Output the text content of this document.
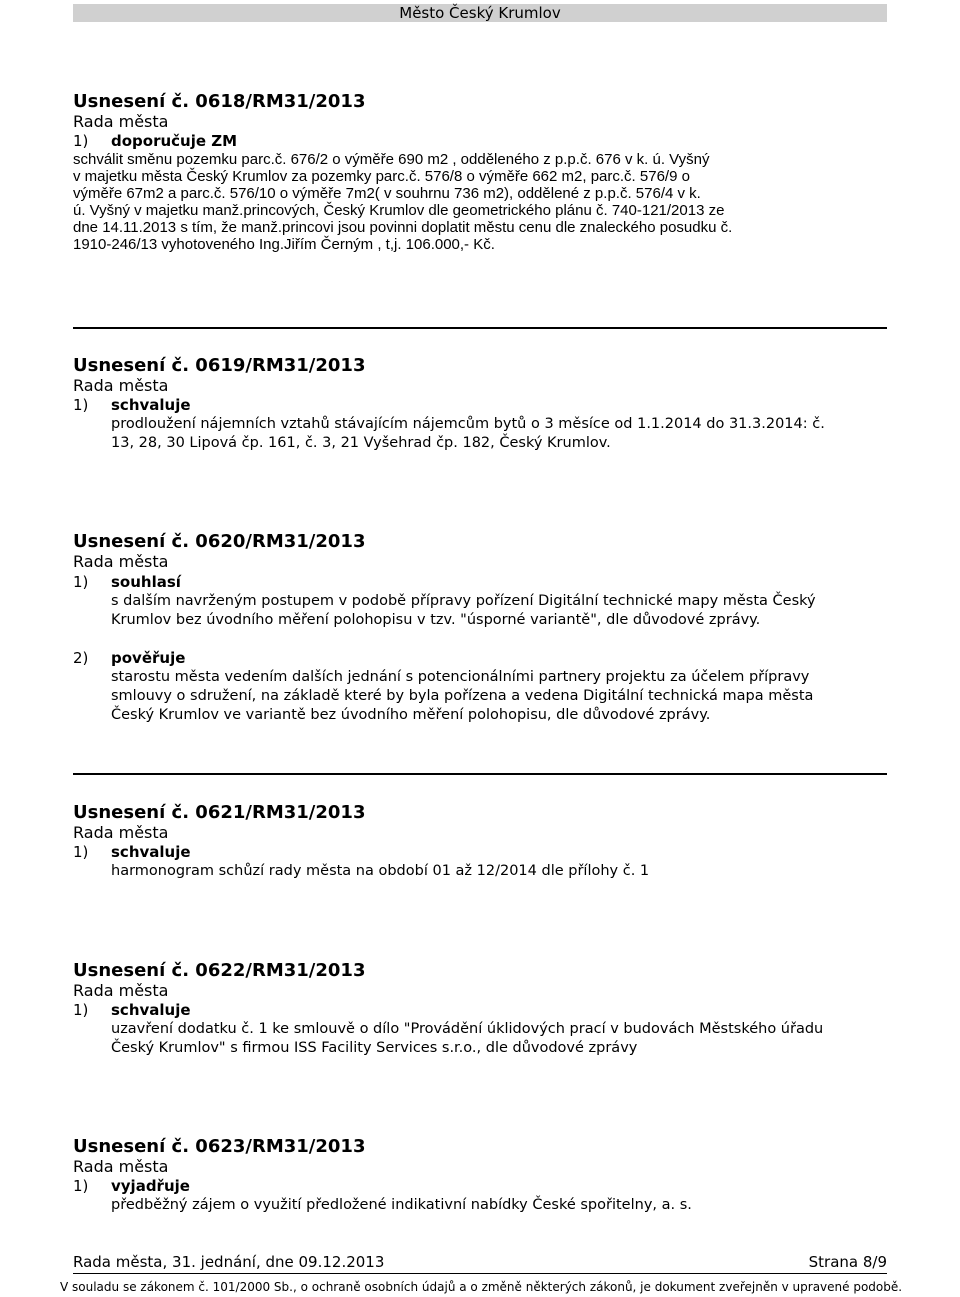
Město Český Krumlov
Usnesení č. 0618/RM31/2013
Rada města
1) doporučuje ZM
schválit směnu pozemku parc.č. 676/2 o výměře 690 m2 , odděleného z p.p.č. 676 v k. ú. Vyšný
v majetku města Český Krumlov za pozemky parc.č. 576/8 o výměře 662 m2, parc.č. 576/9 o
výměře 67m2 a parc.č. 576/10 o výměře 7m2( v souhrnu 736 m2), oddělené z p.p.č. 576/4 v k.
ú. Vyšný v majetku manž.princových, Český Krumlov dle geometrického plánu č. 740-121/2013 ze
dne 14.11.2013 s tím, že manž.princovi jsou povinni doplatit městu cenu dle znaleckého posudku č.
1910-246/13 vyhotoveného Ing.Jiřím Černým , t,j. 106.000,- Kč.
Usnesení č. 0619/RM31/2013
Rada města
1) schvaluje
prodloužení nájemních vztahů stávajícím nájemcům bytů o 3 měsíce od 1.1.2014 do 31.3.2014: č.
13, 28, 30 Lipová čp. 161, č. 3, 21 Vyšehrad čp. 182, Český Krumlov.
Usnesení č. 0620/RM31/2013
Rada města
1) souhlasí
s dalším navrženým postupem v podobě přípravy pořízení Digitální technické mapy města Český
Krumlov bez úvodního měření polohopisu v tzv. "úsporné variantě", dle důvodové zprávy.
2) pověřuje
starostu města vedením dalších jednání s potencionálními partnery projektu za účelem přípravy
smlouvy o sdružení, na základě které by byla pořízena a vedena Digitální technická mapa města
Český Krumlov ve variantě bez úvodního měření polohopisu, dle důvodové zprávy.
Usnesení č. 0621/RM31/2013
Rada města
1) schvaluje
harmonogram schůzí rady města na období 01 až 12/2014 dle přílohy č. 1
Usnesení č. 0622/RM31/2013
Rada města
1) schvaluje
uzavření dodatku č. 1 ke smlouvě o dílo "Provádění úklidových prací v budovách Městského úřadu
Český Krumlov" s firmou ISS Facility Services s.r.o., dle důvodové zprávy
Usnesení č. 0623/RM31/2013
Rada města
1) vyjadřuje
předběžný zájem o využití předložené indikativní nabídky České spořitelny, a. s.
Rada města, 31. jednání, dne 09.12.2013	Strana 8/9
V souladu se zákonem č. 101/2000 Sb., o ochraně osobních údajů a o změně některých zákonů, je dokument zveřejněn v upravené podobě.
